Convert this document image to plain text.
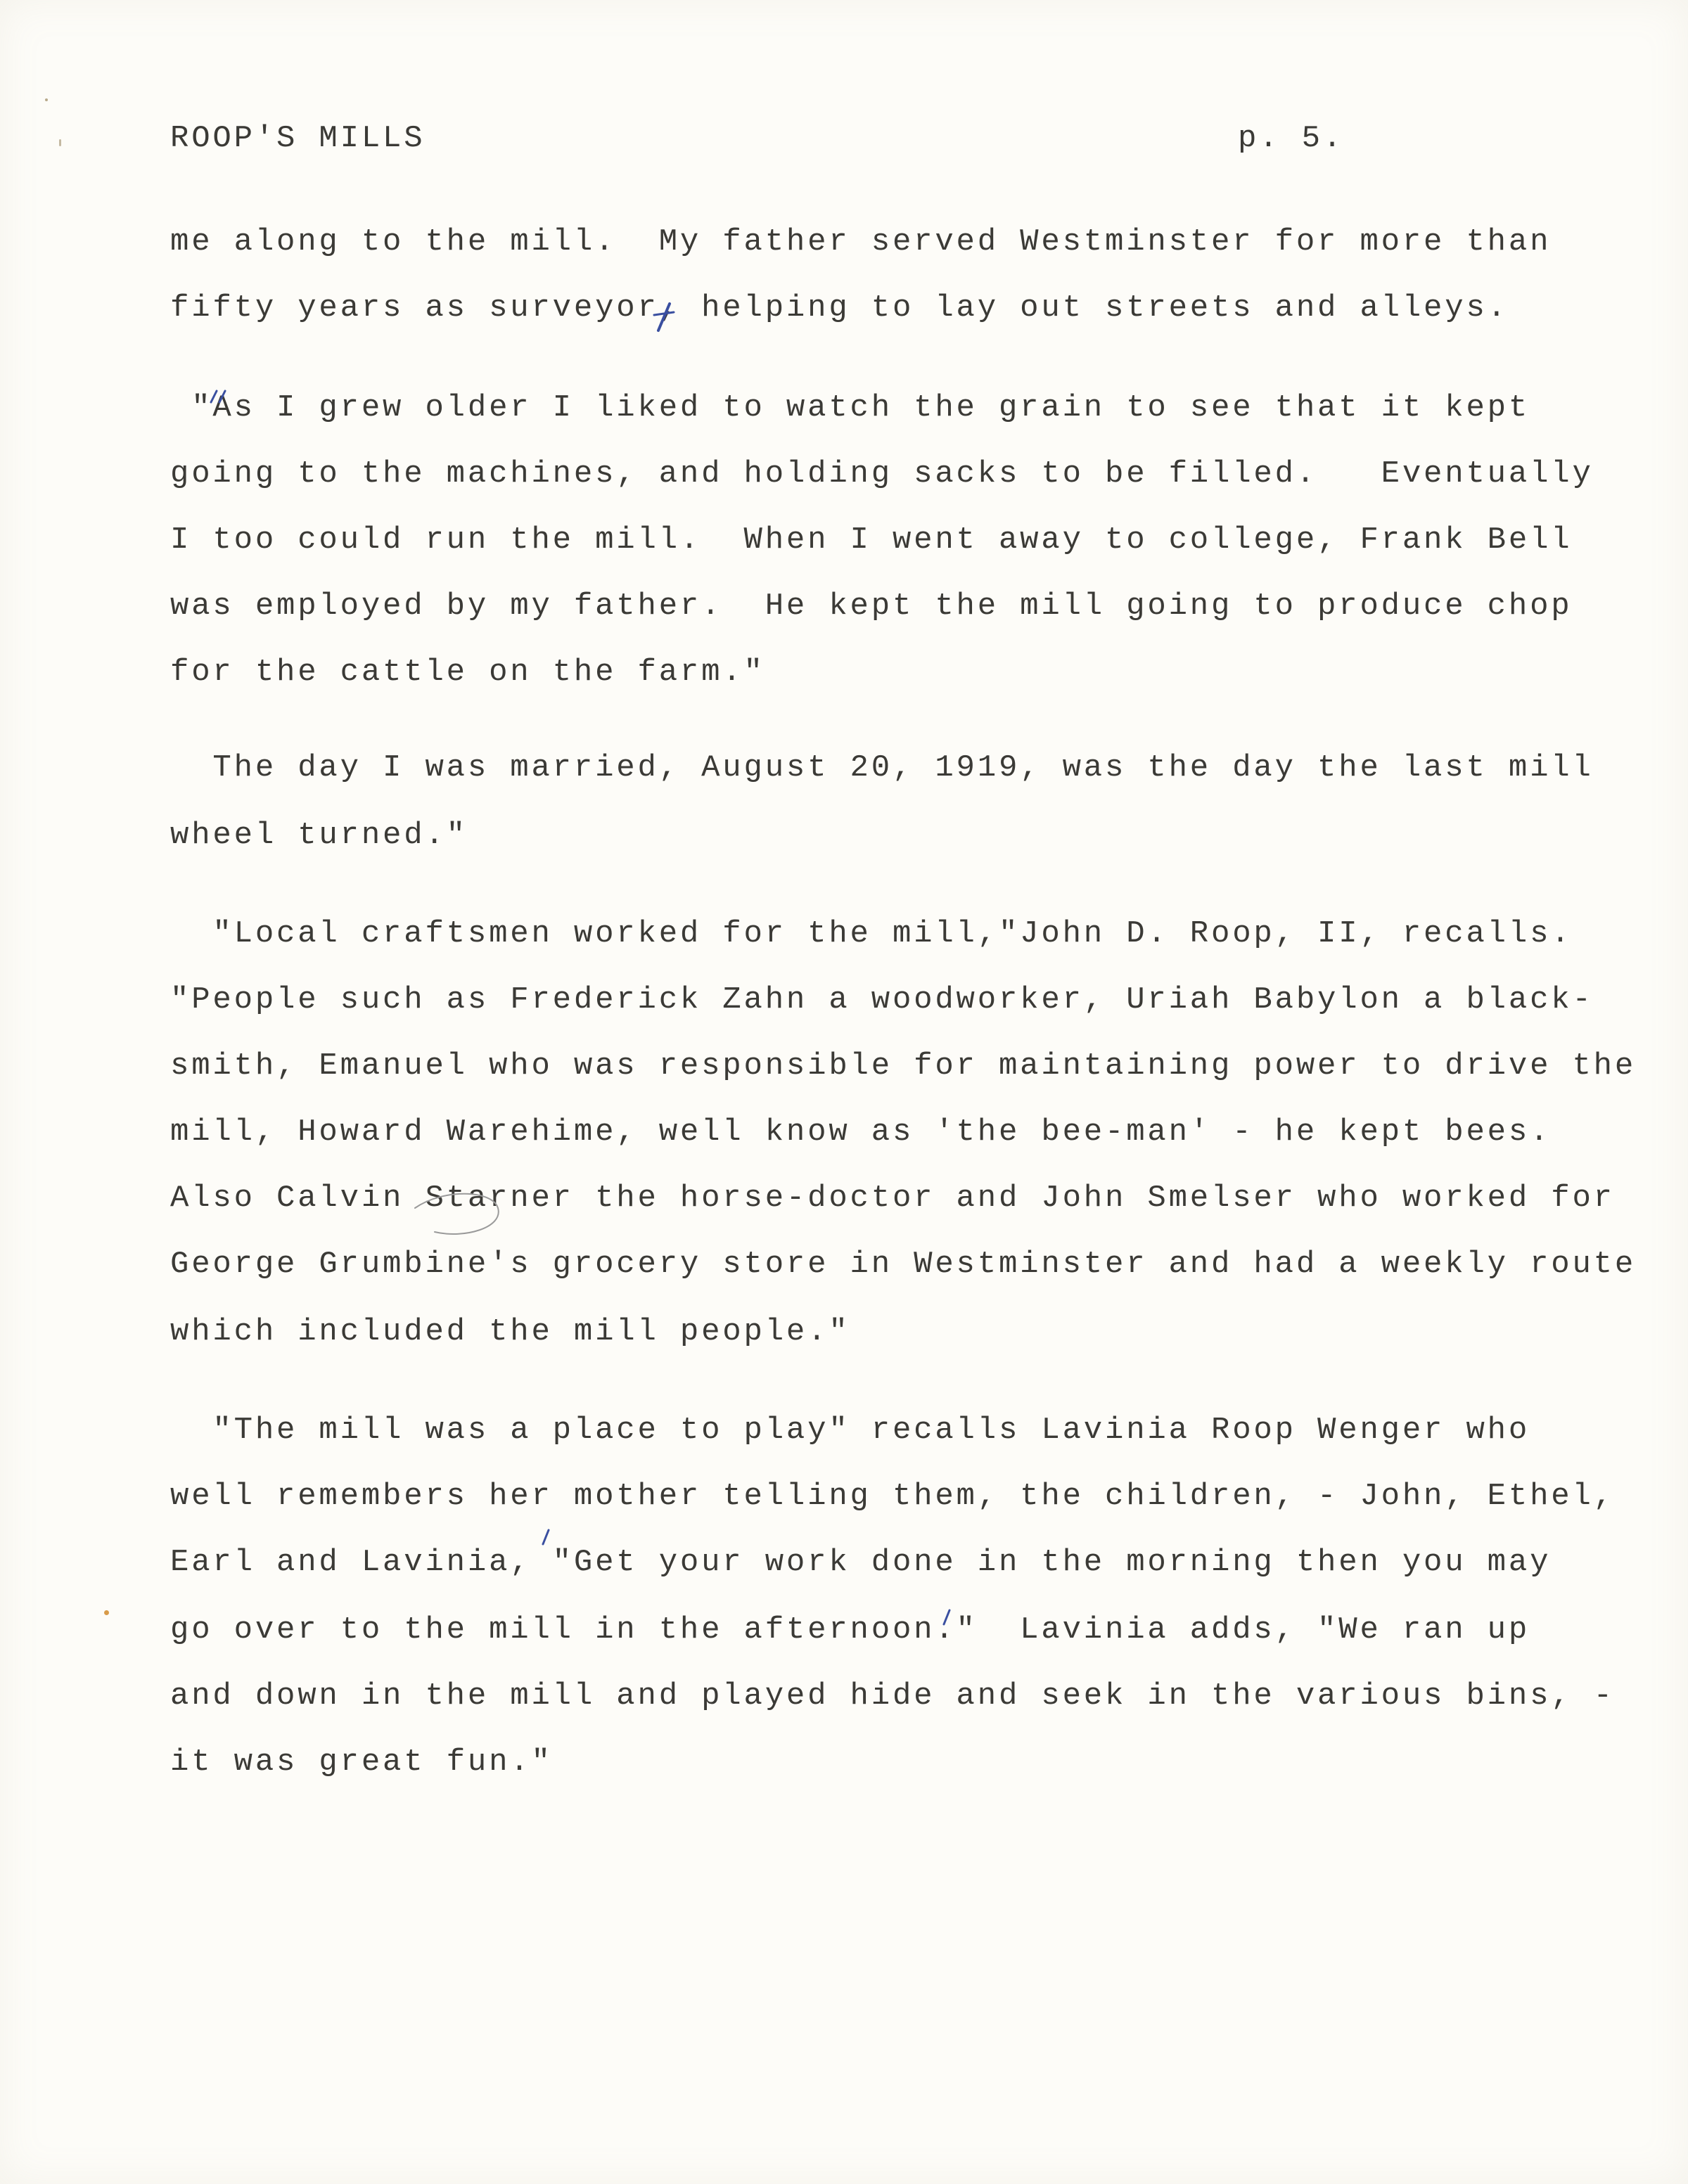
ROOP'S MILLS	p. 5.
me along to the mill.  My father served Westminster for more than
fifty years as surveyor, helping to lay out streets and alleys.
"As I grew older I liked to watch the grain to see that it kept
going to the machines, and holding sacks to be filled.   Eventually
I too could run the mill.  When I went away to college, Frank Bell
was employed by my father.  He kept the mill going to produce chop
for the cattle on the farm."
The day I was married, August 20, 1919, was the day the last mill
wheel turned."
"Local craftsmen worked for the mill,"John D. Roop, II, recalls.
"People such as Frederick Zahn a woodworker, Uriah Babylon a black-
smith, Emanuel who was responsible for maintaining power to drive the
mill, Howard Warehime, well know as 'the bee-man' - he kept bees.
Also Calvin Starner the horse-doctor and John Smelser who worked for
George Grumbine's grocery store in Westminster and had a weekly route
which included the mill people."
"The mill was a place to play" recalls Lavinia Roop Wenger who
well remembers her mother telling them, the children, - John, Ethel,
Earl and Lavinia, "Get your work done in the morning then you may
go over to the mill in the afternoon."  Lavinia adds, "We ran up
and down in the mill and played hide and seek in the various bins, -
it was great fun."
